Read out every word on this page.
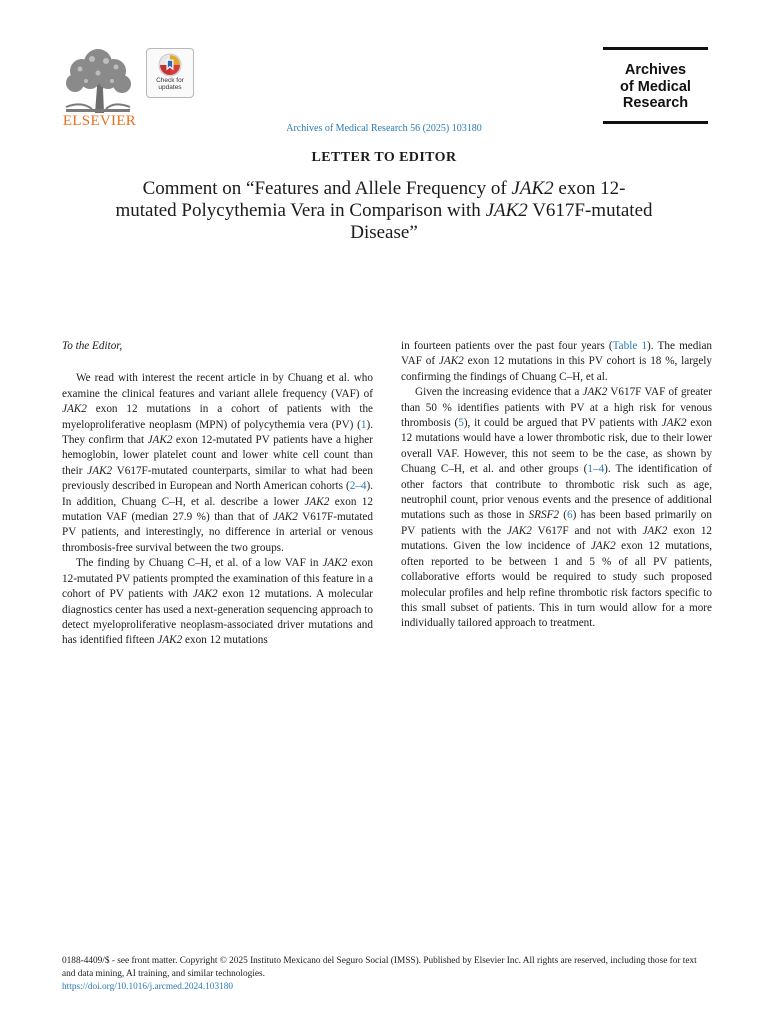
ELSEVIER
Check for
updates
Archives
of Medical
Research
Archives of Medical Research 56 (2025) 103180
LETTER TO EDITOR
Comment on “Features and Allele Frequency of JAK2 exon 12-mutated Polycythemia Vera in Comparison with JAK2 V617F-mutated Disease”

To the Editor,

We read with interest the recent article in by Chuang et al. who examine the clinical features and variant allele frequency (VAF) of JAK2 exon 12 mutations in a cohort of patients with the myeloproliferative neoplasm (MPN) of polycythemia vera (PV) (1). They confirm that JAK2 exon 12-mutated PV patients have a higher hemoglobin, lower platelet count and lower white cell count than their JAK2 V617F-mutated counterparts, similar to what had been previously described in European and North American cohorts (2–4). In addition, Chuang C–H, et al. describe a lower JAK2 exon 12 mutation VAF (median 27.9 %) than that of JAK2 V617F-mutated PV patients, and interestingly, no difference in arterial or venous thrombosis-free survival between the two groups.

The finding by Chuang C–H, et al. of a low VAF in JAK2 exon 12-mutated PV patients prompted the examination of this feature in a cohort of PV patients with JAK2 exon 12 mutations. A molecular diagnostics center has used a next-generation sequencing approach to detect myeloproliferative neoplasm-associated driver mutations and has identified fifteen JAK2 exon 12 mutations

in fourteen patients over the past four years (Table 1). The median VAF of JAK2 exon 12 mutations in this PV cohort is 18 %, largely confirming the findings of Chuang C–H, et al.

Given the increasing evidence that a JAK2 V617F VAF of greater than 50 % identifies patients with PV at a high risk for venous thrombosis (5), it could be argued that PV patients with JAK2 exon 12 mutations would have a lower thrombotic risk, due to their lower overall VAF. However, this not seem to be the case, as shown by Chuang C–H, et al. and other groups (1–4). The identification of other factors that contribute to thrombotic risk such as age, neutrophil count, prior venous events and the presence of additional mutations such as those in SRSF2 (6) has been based primarily on PV patients with the JAK2 V617F and not with JAK2 exon 12 mutations. Given the low incidence of JAK2 exon 12 mutations, often reported to be between 1 and 5 % of all PV patients, collaborative efforts would be required to study such proposed molecular profiles and help refine thrombotic risk factors specific to this small subset of patients. This in turn would allow for a more individually tailored approach to treatment.

0188-4409/$ - see front matter. Copyright © 2025 Instituto Mexicano del Seguro Social (IMSS). Published by Elsevier Inc. All rights are reserved, including those for text and data mining, AI training, and similar technologies.
https://doi.org/10.1016/j.arcmed.2024.103180
